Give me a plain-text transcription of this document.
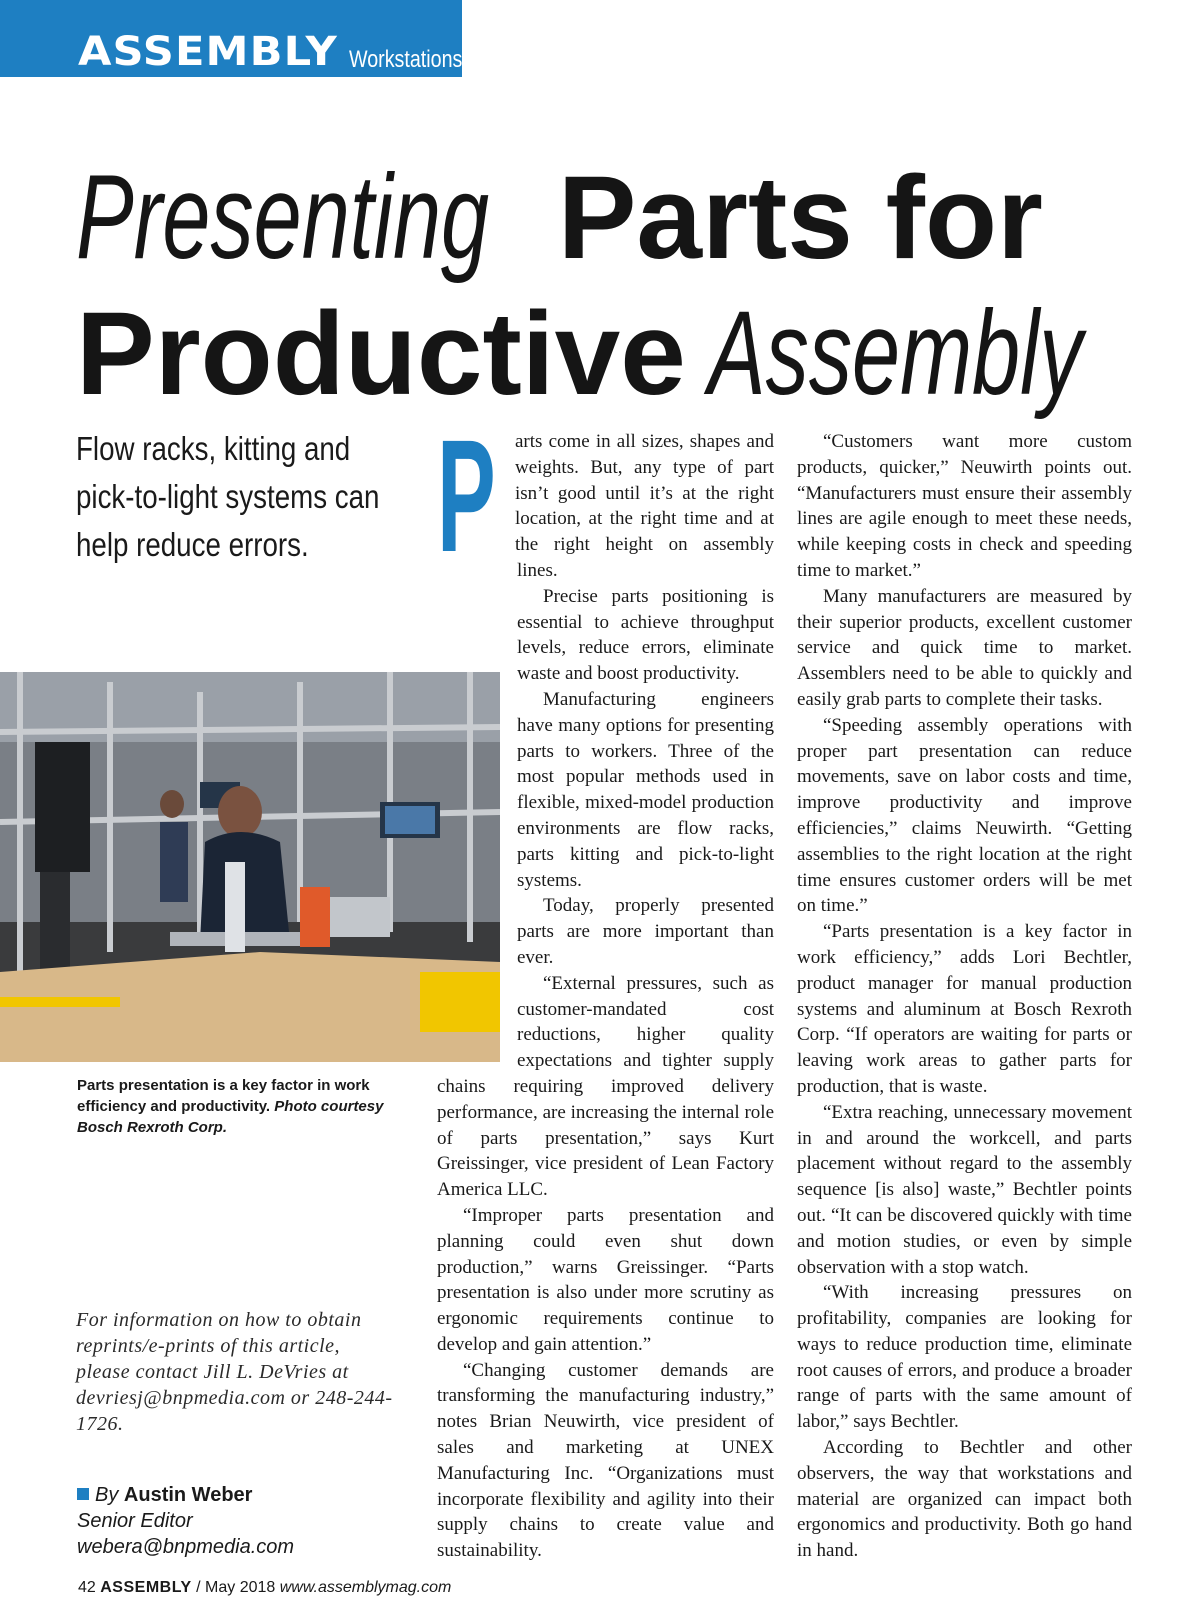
ASSEMBLY Workstations
Presenting Parts for
Productive Assembly
Flow racks, kitting and pick-to-light systems can help reduce errors.
Parts presentation is a key factor in work efficiency and productivity. Photo courtesy Bosch Rexroth Corp.
For information on how to obtain reprints/e-prints of this article, please contact Jill L. DeVries at devriesj@bnpmedia.com or 248-244-1726.
By Austin Weber
Senior Editor
webera@bnpmedia.com
P	arts come in all sizes, shapes and weights. But, any type of part isn’t good until it’s at the right location, at the right time and at the right height on assembly lines.

Precise parts positioning is essential to achieve throughput levels, reduce errors, eliminate waste and boost productivity.

Manufacturing engineers have many options for presenting parts to workers. Three of the most popular methods used in flexible, mixed-model production environments are flow racks, parts kitting and pick-to-light systems.

Today, properly presented parts are more important than ever.

“External pressures, such as customer-mandated cost reductions, higher quality expectations and tighter supply chains requiring improved delivery performance, are increasing the internal role of parts presentation,” says Kurt Greissinger, vice president of Lean Factory America LLC.

“Improper parts presentation and planning could even shut down production,” warns Greissinger. “Parts presentation is also under more scrutiny as ergonomic requirements continue to develop and gain attention.”

“Changing customer demands are transforming the manufacturing industry,” notes Brian Neuwirth, vice president of sales and marketing at UNEX Manufacturing Inc. “Organizations must incorporate flexibility and agility into their supply chains to create value and sustainability.

“Customers want more custom products, quicker,” Neuwirth points out. “Manufacturers must ensure their assembly lines are agile enough to meet these needs, while keeping costs in check and speeding time to market.”

Many manufacturers are measured by their superior products, excellent customer service and quick time to market. Assemblers need to be able to quickly and easily grab parts to complete their tasks.

“Speeding assembly operations with proper part presentation can reduce movements, save on labor costs and time, improve productivity and improve efficiencies,” claims Neuwirth. “Getting assemblies to the right location at the right time ensures customer orders will be met on time.”

“Parts presentation is a key factor in work efficiency,” adds Lori Bechtler, product manager for manual production systems and aluminum at Bosch Rexroth Corp. “If operators are waiting for parts or leaving work areas to gather parts for production, that is waste.

“Extra reaching, unnecessary movement in and around the workcell, and parts placement without regard to the assembly sequence [is also] waste,” Bechtler points out. “It can be discovered quickly with time and motion studies, or even by simple observation with a stop watch.

“With increasing pressures on profitability, companies are looking for ways to reduce production time, eliminate root causes of errors, and produce a broader range of parts with the same amount of labor,” says Bechtler.

According to Bechtler and other observers, the way that workstations and material are organized can impact both ergonomics and productivity. Both go hand in hand.

42 ASSEMBLY / May 2018 www.assemblymag.com
